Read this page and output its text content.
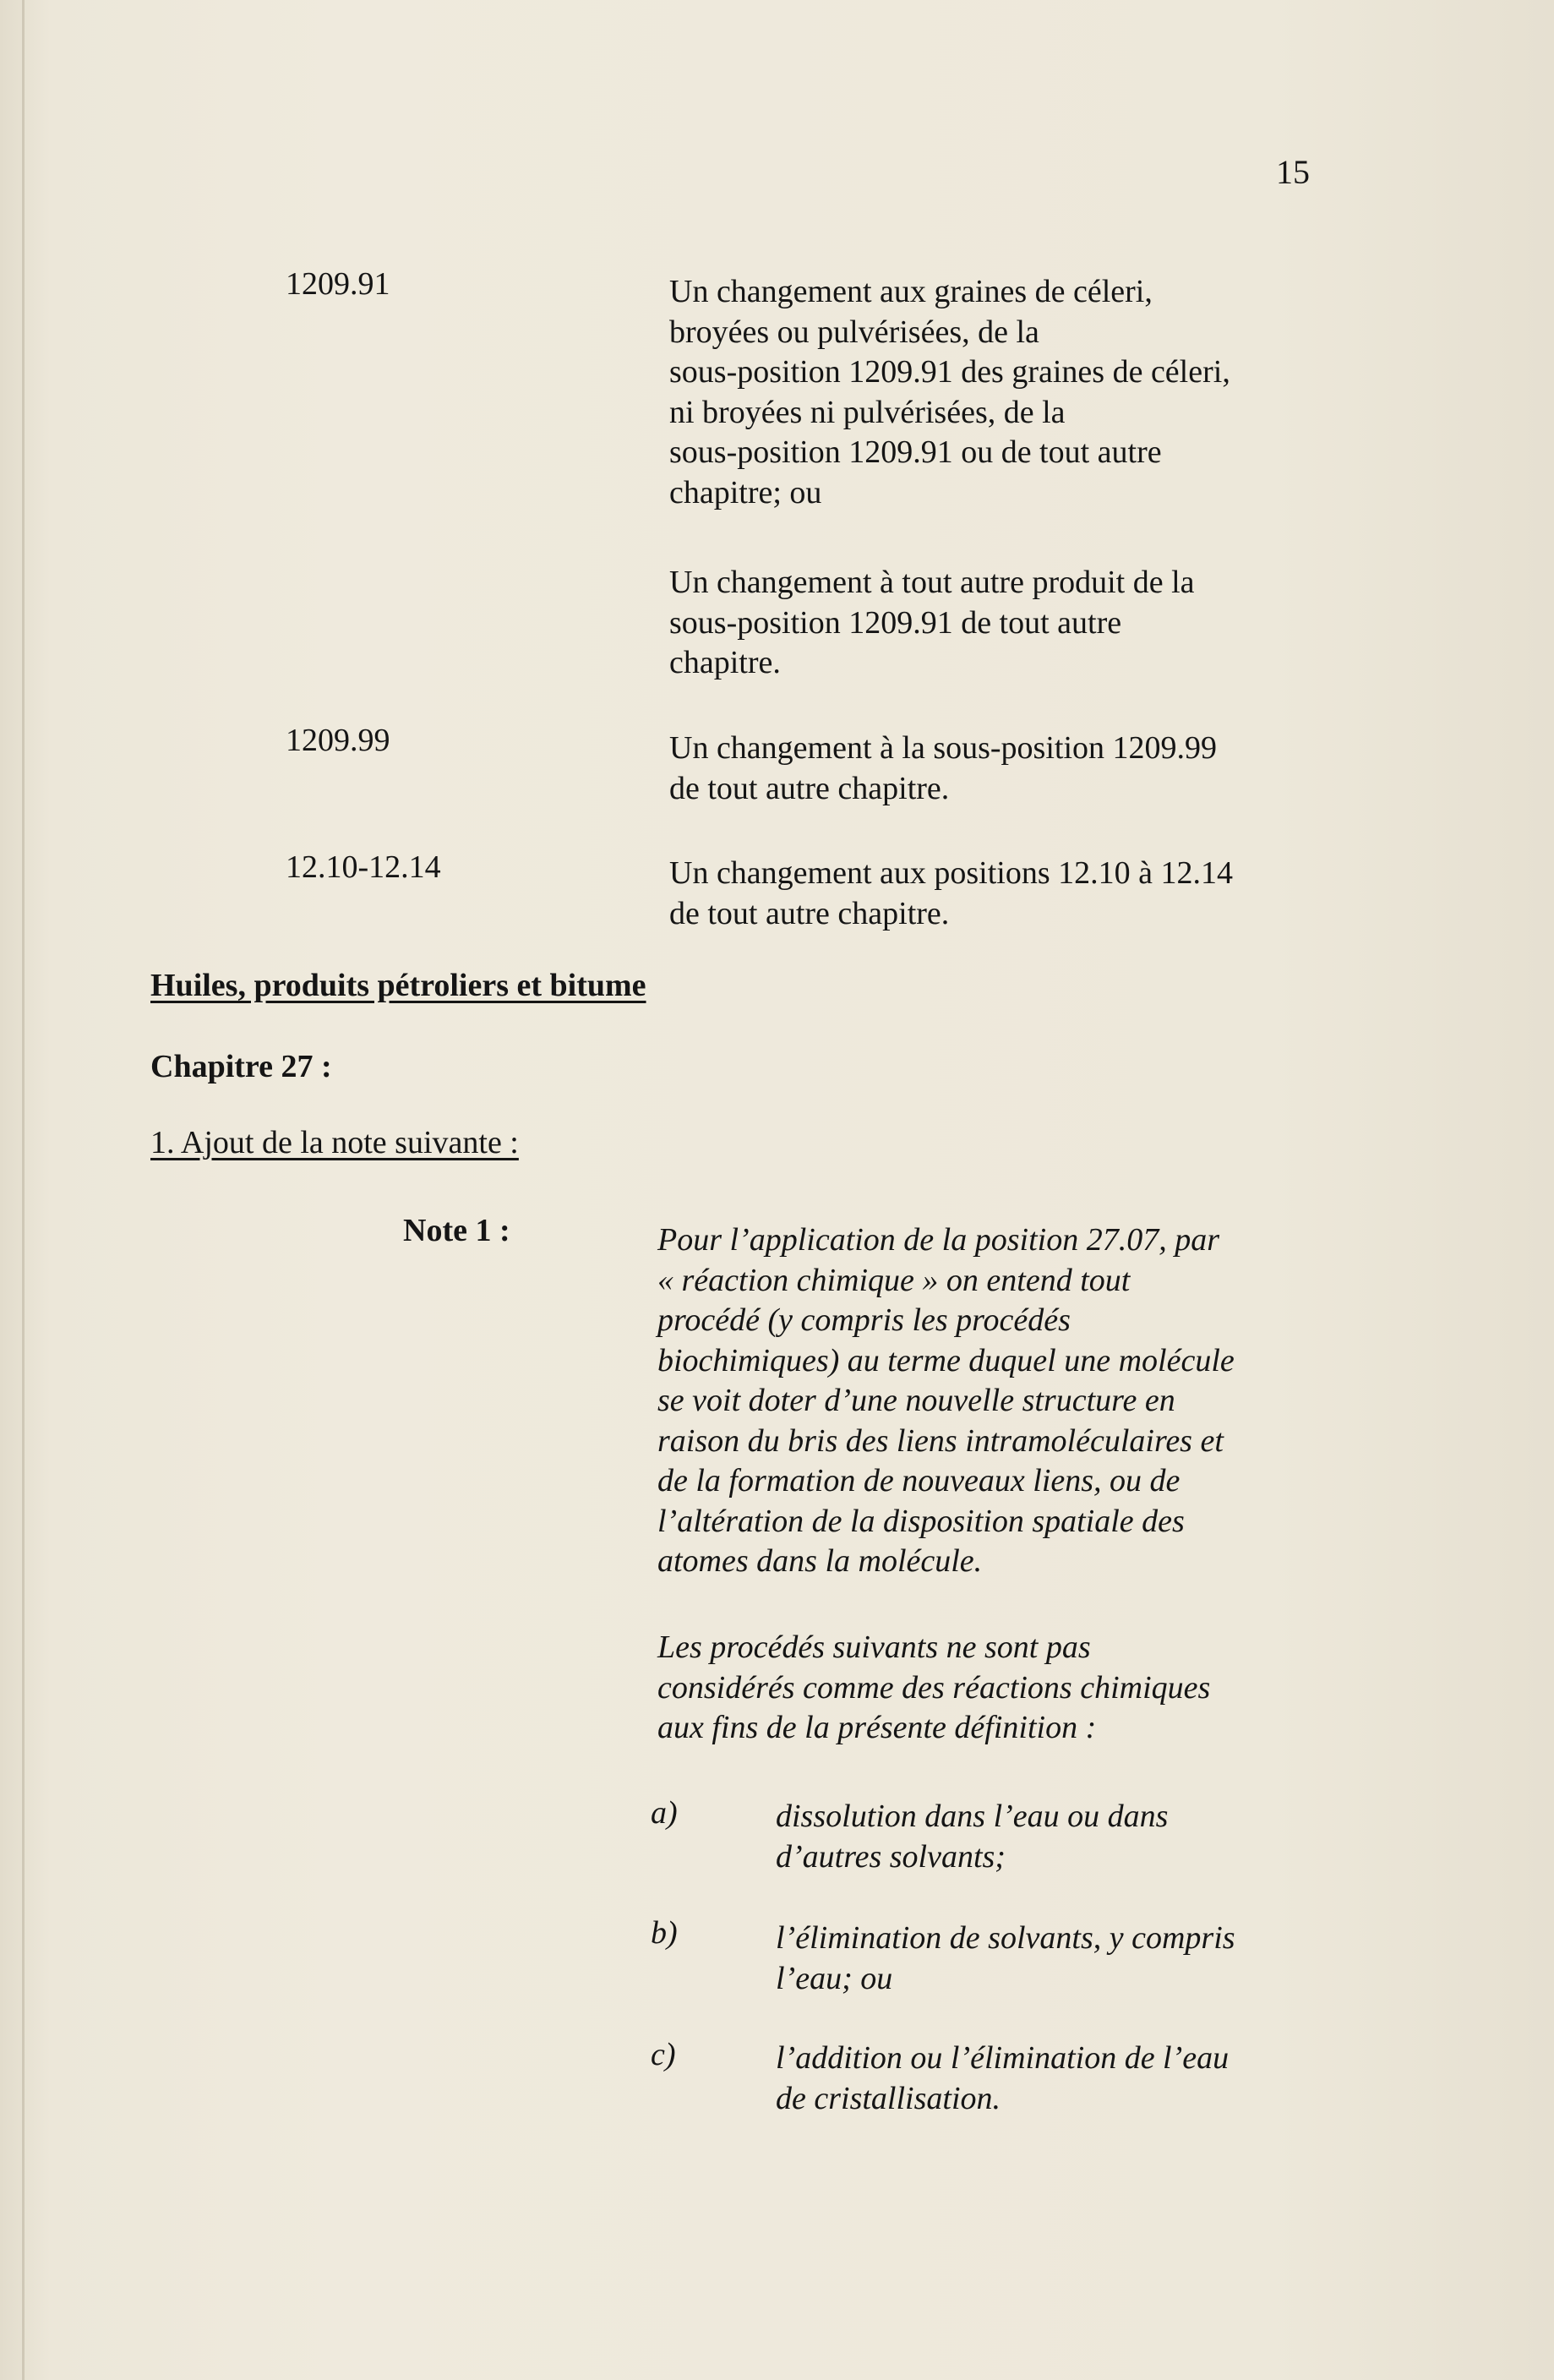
15
1209.91	Un changement aux graines de céleri,
broyées ou pulvérisées, de la
sous-position 1209.91 des graines de céleri,
ni broyées ni pulvérisées, de la
sous-position 1209.91 ou de tout autre
chapitre; ou
Un changement à tout autre produit de la
sous-position 1209.91 de tout autre
chapitre.
1209.99	Un changement à la sous-position 1209.99
de tout autre chapitre.
12.10-12.14	Un changement aux positions 12.10 à 12.14
de tout autre chapitre.
Huiles, produits pétroliers et bitume
Chapitre 27 :
1. Ajout de la note suivante :
Note 1 :	Pour l’application de la position 27.07, par
« réaction chimique » on entend tout
procédé (y compris les procédés
biochimiques) au terme duquel une molécule
se voit doter d’une nouvelle structure en
raison du bris des liens intramoléculaires et
de la formation de nouveaux liens, ou de
l’altération de la disposition spatiale des
atomes dans la molécule.
Les procédés suivants ne sont pas
considérés comme des réactions chimiques
aux fins de la présente définition :
a)	dissolution dans l’eau ou dans
d’autres solvants;
b)	l’élimination de solvants, y compris
l’eau; ou
c)	l’addition ou l’élimination de l’eau
de cristallisation.
